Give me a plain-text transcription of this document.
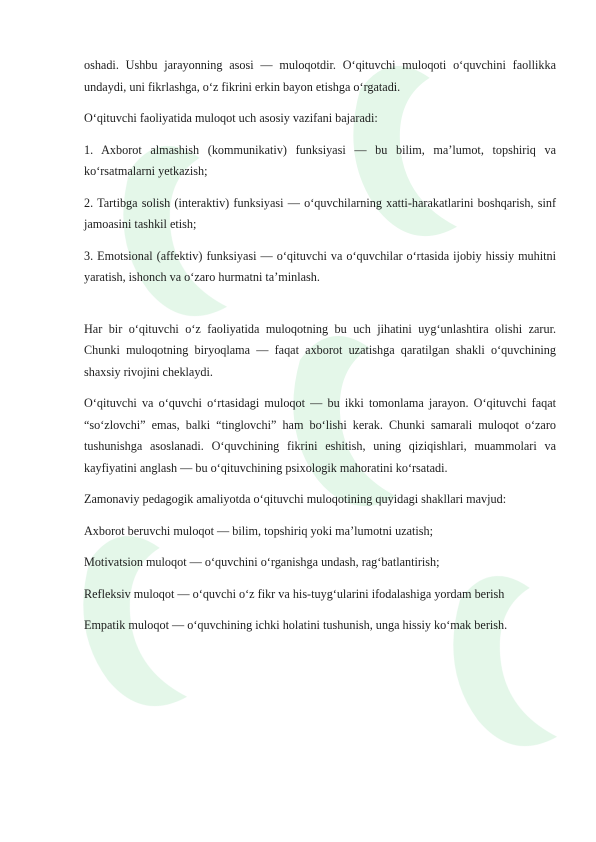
oshadi. Ushbu jarayonning asosi — muloqotdir. O‘qituvchi muloqoti o‘quvchini faollikka undaydi, uni fikrlashga, o‘z fikrini erkin bayon etishga o‘rgatadi.

O‘qituvchi faoliyatida muloqot uch asosiy vazifani bajaradi:

1. Axborot almashish (kommunikativ) funksiyasi — bu bilim, ma’lumot, topshiriq va ko‘rsatmalarni yetkazish;

2. Tartibga solish (interaktiv) funksiyasi — o‘quvchilarning xatti-harakatlarini boshqarish, sinf jamoasini tashkil etish;

3. Emotsional (affektiv) funksiyasi — o‘qituvchi va o‘quvchilar o‘rtasida ijobiy hissiy muhitni yaratish, ishonch va o‘zaro hurmatni ta’minlash.

Har bir o‘qituvchi o‘z faoliyatida muloqotning bu uch jihatini uyg‘unlashtira olishi zarur. Chunki muloqotning biryoqlama — faqat axborot uzatishga qaratilgan shakli o‘quvchining shaxsiy rivojini cheklaydi.

O‘qituvchi va o‘quvchi o‘rtasidagi muloqot — bu ikki tomonlama jarayon. O‘qituvchi faqat “so‘zlovchi” emas, balki “tinglovchi” ham bo‘lishi kerak. Chunki samarali muloqot o‘zaro tushunishga asoslanadi. O‘quvchining fikrini eshitish, uning qiziqishlari, muammolari va kayfiyatini anglash — bu o‘qituvchining psixologik mahoratini ko‘rsatadi.

Zamonaviy pedagogik amaliyotda o‘qituvchi muloqotining quyidagi shakllari mavjud:

Axborot beruvchi muloqot — bilim, topshiriq yoki ma’lumotni uzatish;

Motivatsion muloqot — o‘quvchini o‘rganishga undash, rag‘batlantirish;

Refleksiv muloqot — o‘quvchi o‘z fikr va his-tuyg‘ularini ifodalashiga yordam berish

Empatik muloqot — o‘quvchining ichki holatini tushunish, unga hissiy ko‘mak berish.
